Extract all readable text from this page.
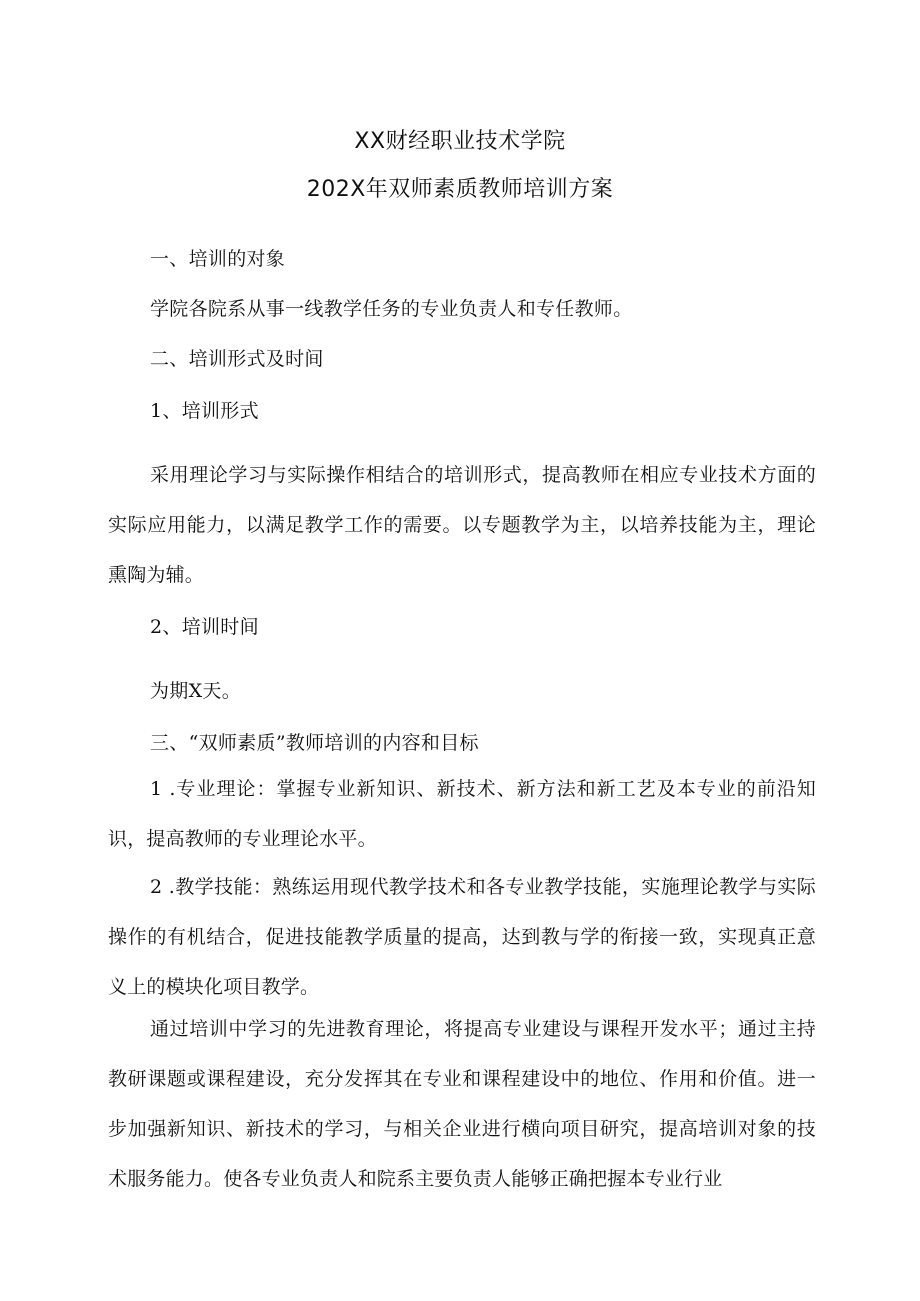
XX财经职业技术学院
202X年双师素质教师培训方案
一、培训的对象
学院各院系从事一线教学任务的专业负责人和专任教师。
二、培训形式及时间
1、培训形式
采用理论学习与实际操作相结合的培训形式，提高教师在相应专业技术方面的实际应用能力，以满足教学工作的需要。以专题教学为主，以培养技能为主，理论熏陶为辅。
2、培训时间
为期X天。
三、“双师素质”教师培训的内容和目标
1 .专业理论：掌握专业新知识、新技术、新方法和新工艺及本专业的前沿知识，提高教师的专业理论水平。
2 .教学技能：熟练运用现代教学技术和各专业教学技能，实施理论教学与实际操作的有机结合，促进技能教学质量的提高，达到教与学的衔接一致，实现真正意义上的模块化项目教学。
通过培训中学习的先进教育理论，将提高专业建设与课程开发水平；通过主持教研课题或课程建设，充分发挥其在专业和课程建设中的地位、作用和价值。进一步加强新知识、新技术的学习，与相关企业进行横向项目研究，提高培训对象的技术服务能力。使各专业负责人和院系主要负责人能够正确把握本专业行业
